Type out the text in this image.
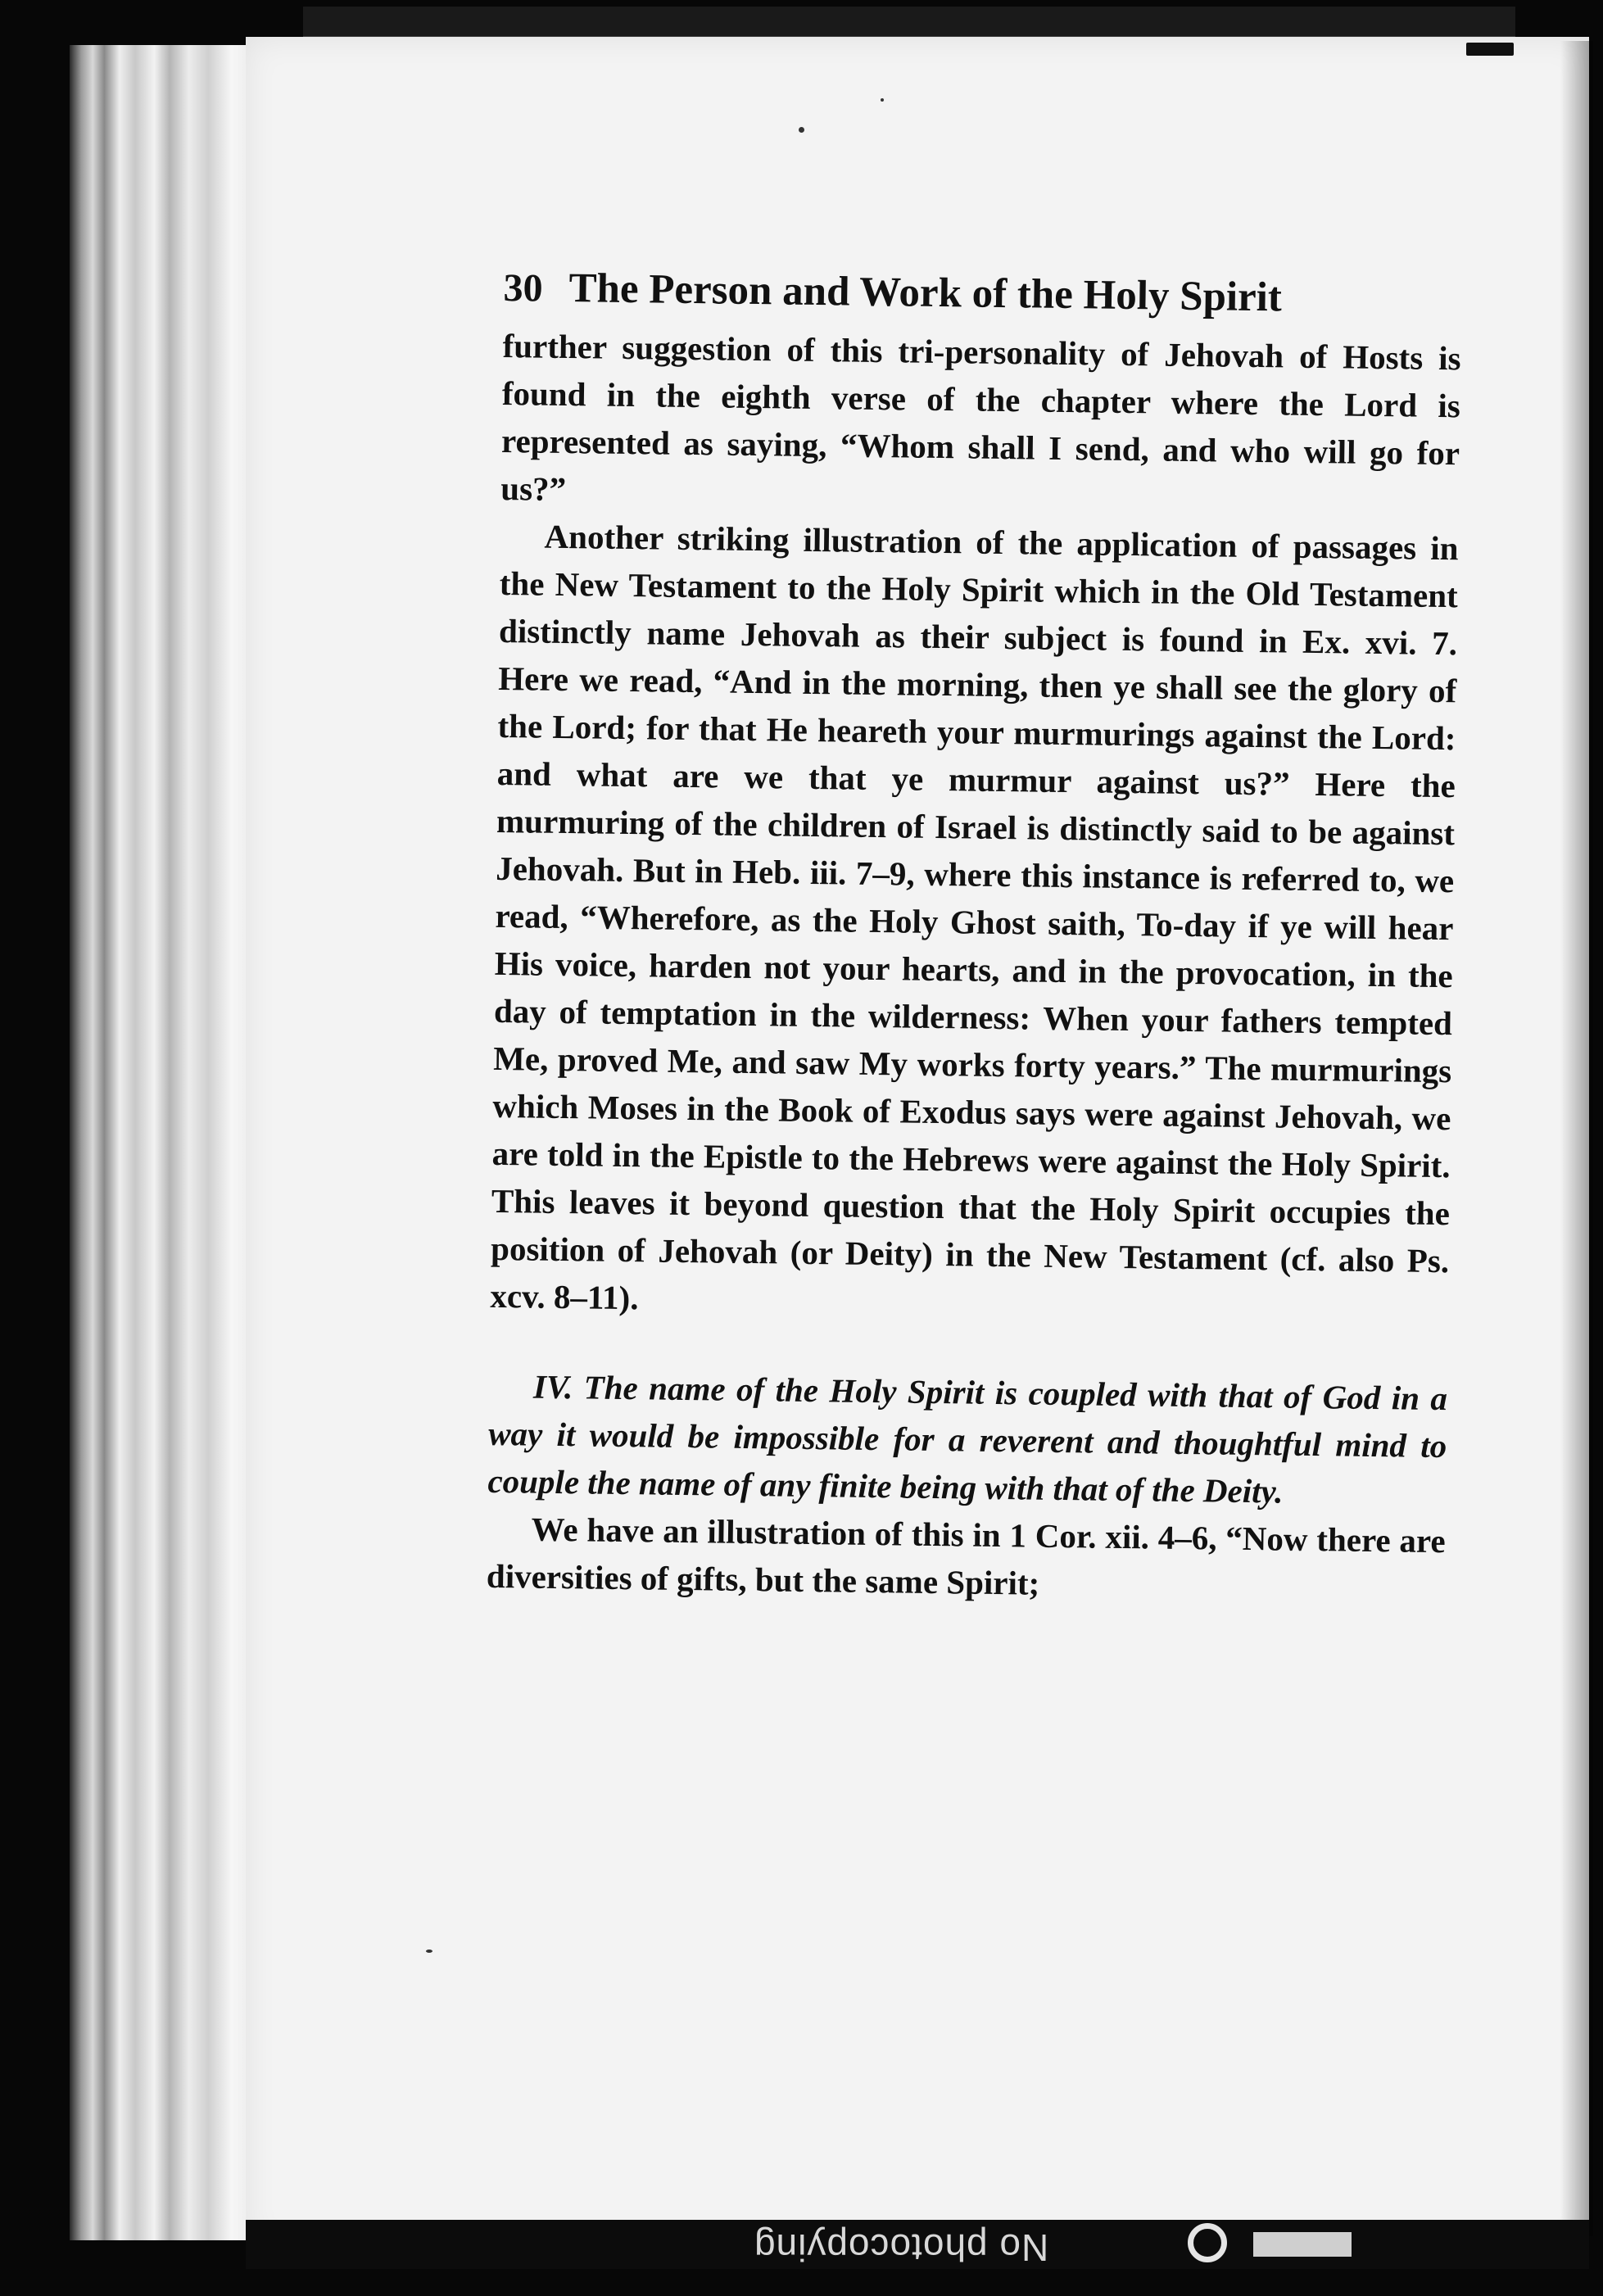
30 The Person and Work of the Holy Spirit

further suggestion of this tri-personality of Jehovah of Hosts is found in the eighth verse of the chapter where the Lord is represented as saying, “Whom shall I send, and who will go for us?”

Another striking illustration of the application of passages in the New Testament to the Holy Spirit which in the Old Testament distinctly name Jehovah as their subject is found in Ex. xvi. 7. Here we read, “And in the morning, then ye shall see the glory of the Lord; for that He heareth your murmurings against the Lord: and what are we that ye murmur against us?” Here the murmuring of the children of Israel is distinctly said to be against Jehovah. But in Heb. iii. 7–9, where this instance is referred to, we read, “Wherefore, as the Holy Ghost saith, To-day if ye will hear His voice, harden not your hearts, and in the provocation, in the day of temptation in the wilderness: When your fathers tempted Me, proved Me, and saw My works forty years.” The murmurings which Moses in the Book of Exodus says were against Jehovah, we are told in the Epistle to the Hebrews were against the Holy Spirit. This leaves it beyond question that the Holy Spirit occupies the position of Jehovah (or Deity) in the New Testament (cf. also Ps. xcv. 8–11).

IV. The name of the Holy Spirit is coupled with that of God in a way it would be impossible for a reverent and thoughtful mind to couple the name of any finite being with that of the Deity.

We have an illustration of this in 1 Cor. xii. 4–6, “Now there are diversities of gifts, but the same Spirit;

No photocopying
